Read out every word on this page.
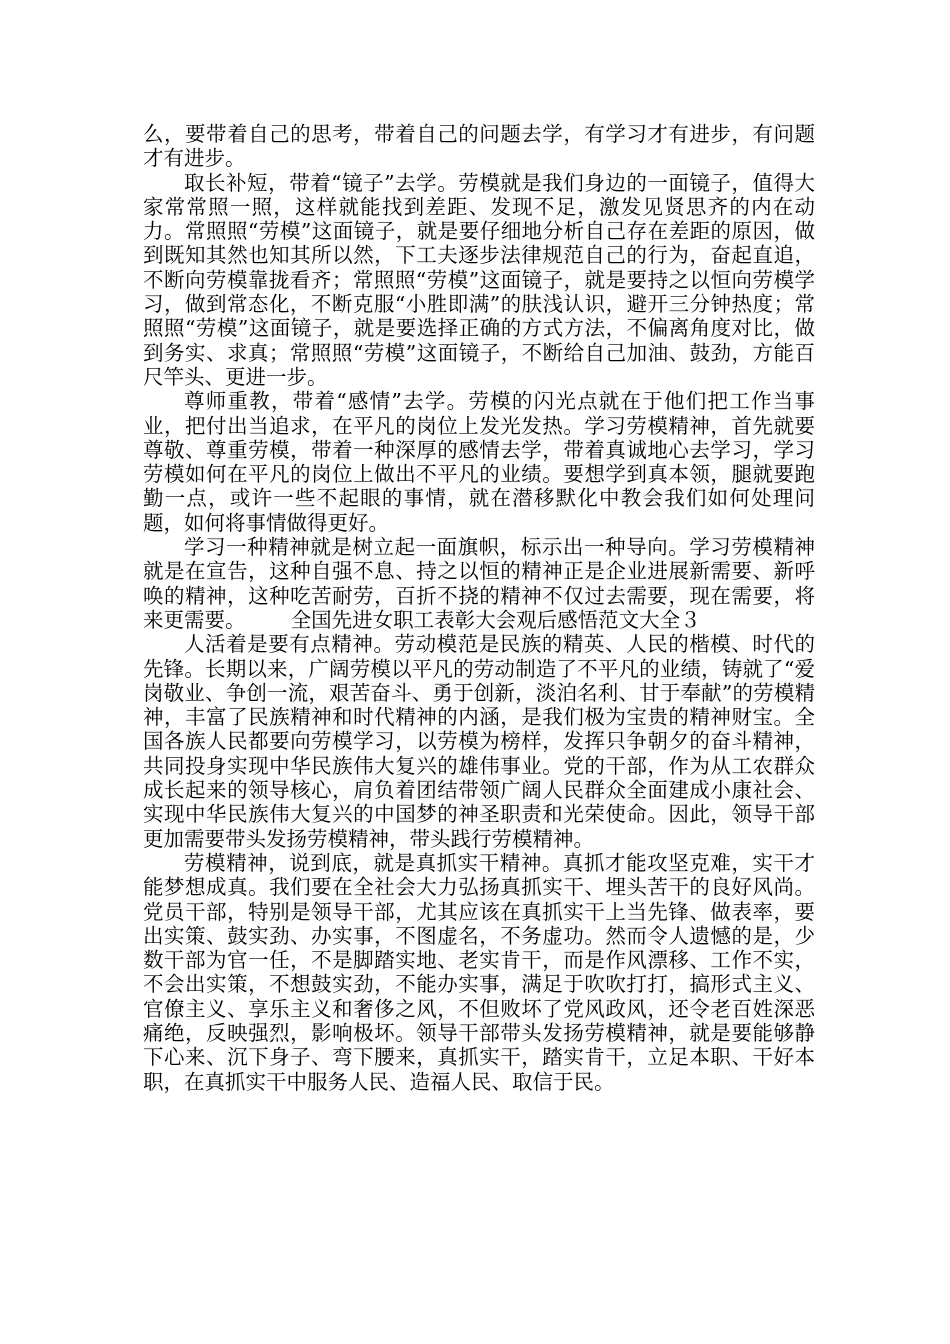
么，要带着自己的思考，带着自己的问题去学，有学习才有进步，有问题才有进步。

取长补短，带着“镜子”去学。劳模就是我们身边的一面镜子，值得大家常常照一照，这样就能找到差距、发现不足，激发见贤思齐的内在动力。常照照“劳模”这面镜子，就是要仔细地分析自己存在差距的原因，做到既知其然也知其所以然，下工夫逐步法律规范自己的行为，奋起直追，不断向劳模靠拢看齐；常照照“劳模”这面镜子，就是要持之以恒向劳模学习，做到常态化，不断克服“小胜即满”的肤浅认识，避开三分钟热度；常照照“劳模”这面镜子，就是要选择正确的方式方法，不偏离角度对比，做到务实、求真；常照照“劳模”这面镜子，不断给自己加油、鼓劲，方能百尺竿头、更进一步。

尊师重教，带着“感情”去学。劳模的闪光点就在于他们把工作当事业，把付出当追求，在平凡的岗位上发光发热。学习劳模精神，首先就要尊敬、尊重劳模，带着一种深厚的感情去学，带着真诚地心去学习，学习劳模如何在平凡的岗位上做出不平凡的业绩。要想学到真本领，腿就要跑勤一点，或许一些不起眼的事情，就在潜移默化中教会我们如何处理问题，如何将事情做得更好。

学习一种精神就是树立起一面旗帜，标示出一种导向。学习劳模精神就是在宣告，这种自强不息、持之以恒的精神正是企业进展新需要、新呼唤的精神，这种吃苦耐劳，百折不挠的精神不仅过去需要，现在需要，将来更需要。 全国先进女职工表彰大会观后感悟范文大全３

人活着是要有点精神。劳动模范是民族的精英、人民的楷模、时代的先锋。长期以来，广阔劳模以平凡的劳动制造了不平凡的业绩，铸就了“爱岗敬业、争创一流，艰苦奋斗、勇于创新，淡泊名利、甘于奉献”的劳模精神，丰富了民族精神和时代精神的内涵，是我们极为宝贵的精神财宝。全国各族人民都要向劳模学习，以劳模为榜样，发挥只争朝夕的奋斗精神，共同投身实现中华民族伟大复兴的雄伟事业。党的干部，作为从工农群众成长起来的领导核心，肩负着团结带领广阔人民群众全面建成小康社会、实现中华民族伟大复兴的中国梦的神圣职责和光荣使命。因此，领导干部更加需要带头发扬劳模精神，带头践行劳模精神。

劳模精神，说到底，就是真抓实干精神。真抓才能攻坚克难，实干才能梦想成真。我们要在全社会大力弘扬真抓实干、埋头苦干的良好风尚。党员干部，特别是领导干部，尤其应该在真抓实干上当先锋、做表率，要出实策、鼓实劲、办实事，不图虚名，不务虚功。然而令人遗憾的是，少数干部为官一任，不是脚踏实地、老实肯干，而是作风漂移、工作不实，不会出实策，不想鼓实劲，不能办实事，满足于吹吹打打，搞形式主义、官僚主义、享乐主义和奢侈之风，不但败坏了党风政风，还令老百姓深恶痛绝，反映强烈，影响极坏。领导干部带头发扬劳模精神，就是要能够静下心来、沉下身子、弯下腰来，真抓实干，踏实肯干，立足本职、干好本职，在真抓实干中服务人民、造福人民、取信于民。
